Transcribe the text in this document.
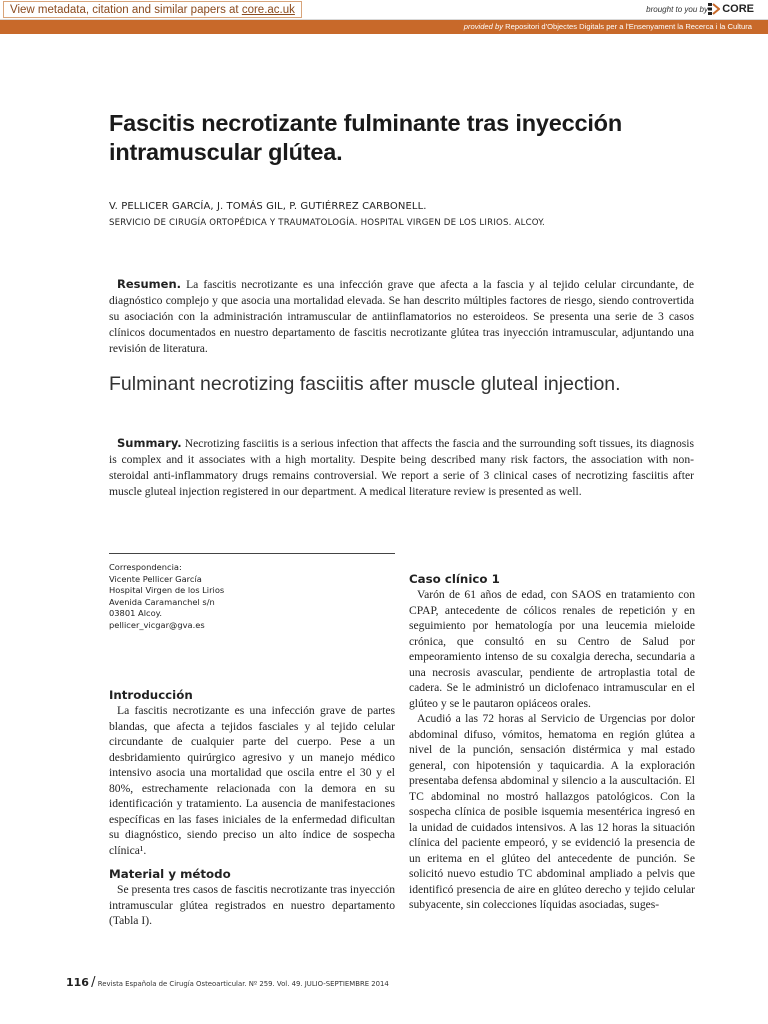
View metadata, citation and similar papers at core.ac.uk	brought to you by CORE
provided by Repositori d'Objectes Digitals per a l'Ensenyament la Recerca i la Cultura
Fascitis necrotizante fulminante tras inyección intramuscular glútea.
V. PELLICER GARCÍA, J. TOMÁS GIL, P. GUTIÉRREZ CARBONELL.
SERVICIO DE CIRUGÍA ORTOPÉDICA Y TRAUMATOLOGÍA. HOSPITAL VIRGEN DE LOS LIRIOS. ALCOY.
Resumen. La fascitis necrotizante es una infección grave que afecta a la fascia y al tejido celular circundante, de diagnóstico complejo y que asocia una mortalidad elevada. Se han descrito múltiples factores de riesgo, siendo controvertida su asociación con la administración intramuscular de antiinflamatorios no esteroideos. Se presenta una serie de 3 casos clínicos documentados en nuestro departamento de fascitis necrotizante glútea tras inyección intramuscular, adjuntando una revisión de literatura.
Fulminant necrotizing fasciitis after muscle gluteal injection.
Summary. Necrotizing fasciitis is a serious infection that affects the fascia and the surrounding soft tissues, its diagnosis is complex and it associates with a high mortality. Despite being described many risk factors, the association with non-steroidal anti-inflammatory drugs remains controversial. We report a serie of 3 clinical cases of necrotizing fasciitis after muscle gluteal injection registered in our department. A medical literature review is presented as well.
Correspondencia:
Vicente Pellicer García
Hospital Virgen de los Lirios
Avenida Caramanchel s/n
03801 Alcoy.
pellicer_vicgar@gva.es
Introducción

La fascitis necrotizante es una infección grave de partes blandas, que afecta a tejidos fasciales y al tejido celular circundante de cualquier parte del cuerpo. Pese a un desbridamiento quirúrgico agresivo y un manejo médico intensivo asocia una mortalidad que oscila entre el 30 y el 80%, estrechamente relacionada con la demora en su identificación y tratamiento. La ausencia de manifestaciones específicas en las fases iniciales de la enfermedad dificultan su diagnóstico, siendo preciso un alto índice de sospecha clínica¹.

Material y método

Se presenta tres casos de fascitis necrotizante tras inyección intramuscular glútea registrados en nuestro departamento (Tabla I).

Caso clínico 1

Varón de 61 años de edad, con SAOS en tratamiento con CPAP, antecedente de cólicos renales de repetición y en seguimiento por hematología por una leucemia mieloide crónica, que consultó en su Centro de Salud por empeoramiento intenso de su coxalgia derecha, secundaria a una necrosis avascular, pendiente de artroplastia total de cadera. Se le administró un diclofenaco intramuscular en el glúteo y se le pautaron opiáceos orales.

Acudió a las 72 horas al Servicio de Urgencias por dolor abdominal difuso, vómitos, hematoma en región glútea a nivel de la punción, sensación distérmica y mal estado general, con hipotensión y taquicardia. A la exploración presentaba defensa abdominal y silencio a la auscultación. El TC abdominal no mostró hallazgos patológicos. Con la sospecha clínica de posible isquemia mesentérica ingresó en la unidad de cuidados intensivos. A las 12 horas la situación clínica del paciente empeoró, y se evidenció la presencia de un eritema en el glúteo del antecedente de punción. Se solicitó nuevo estudio TC abdominal ampliado a pelvis que identificó presencia de aire en glúteo derecho y tejido celular subyacente, sin colecciones líquidas asociadas, suges-

116 / Revista Española de Cirugía Osteoarticular. Nº 259. Vol. 49. JULIO-SEPTIEMBRE 2014
